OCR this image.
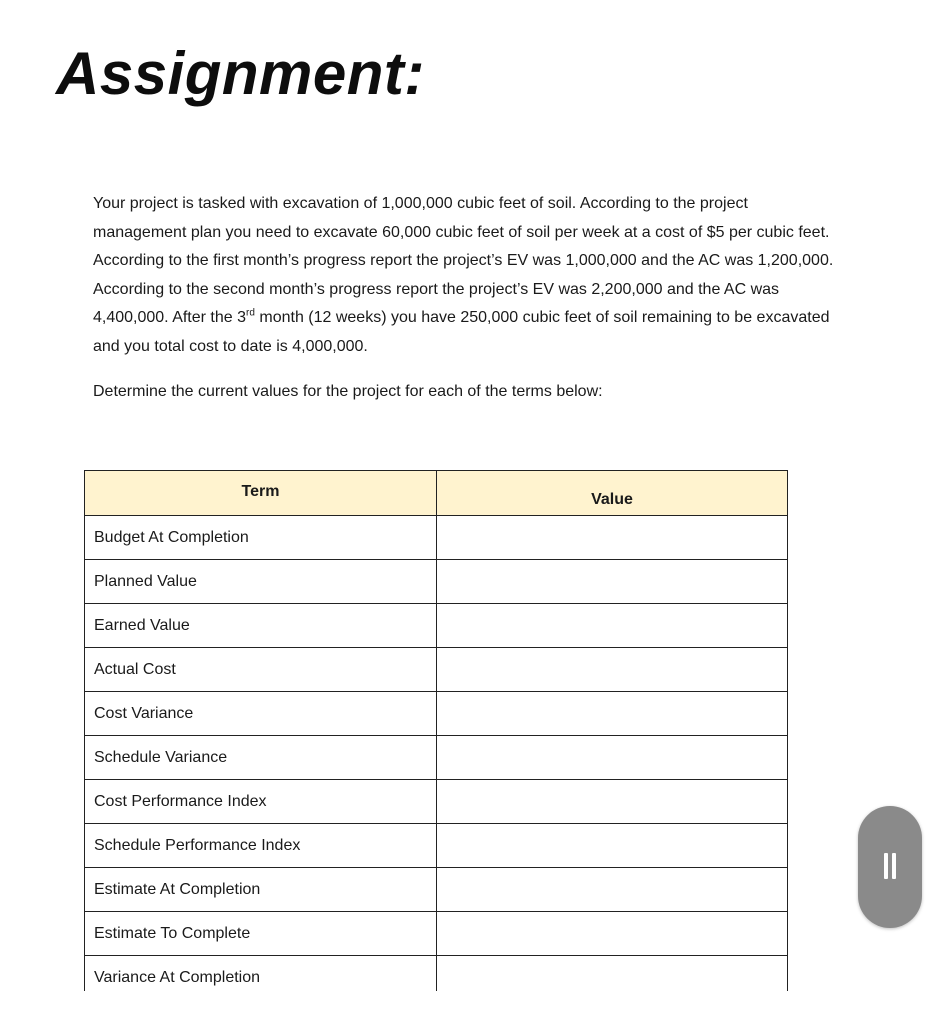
Assignment:
Your project is tasked with excavation of 1,000,000 cubic feet of soil. According to the project
management plan you need to excavate 60,000 cubic feet of soil per week at a cost of $5 per cubic feet.
According to the first month’s progress report the project’s EV was 1,000,000 and the AC was 1,200,000.
According to the second month’s progress report the project’s EV was 2,200,000 and the AC was
4,400,000. After the 3rd month (12 weeks) you have 250,000 cubic feet of soil remaining to be excavated
and you total cost to date is 4,000,000.
Determine the current values for the project for each of the terms below:
Term	Value
Budget At Completion	
Planned Value	
Earned Value	
Actual Cost	
Cost Variance	
Schedule Variance	
Cost Performance Index	
Schedule Performance Index	
Estimate At Completion	
Estimate To Complete	
Variance At Completion	
